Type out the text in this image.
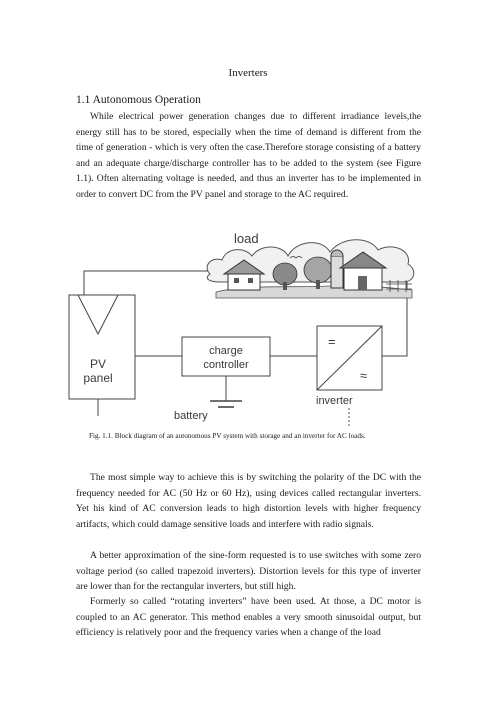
Inverters
1.1 Autonomous Operation

While electrical power generation changes due to different irradiance levels,the energy still has to be stored, especially when the time of demand is different from the time of generation - which is very often the case.Therefore storage consisting of a battery and an adequate charge/discharge controller has to be added to the system (see Figure 1.1). Often alternating voltage is needed, and thus an inverter has to be implemented in order to convert DC from the PV panel and storage to the AC required.

PV
panel
charge
controller
battery
=
≈
inverter
load
Fig. 1.1. Block diagram of an autonomous PV system with storage and an inverter for AC loads.

The most simple way to achieve this is by switching the polarity of the DC with the frequency needed for AC (50 Hz or 60 Hz), using devices called rectangular inverters. Yet his kind of AC conversion leads to high distortion levels with higher frequency artifacts, which could damage sensitive loads and interfere with radio signals.

A better approximation of the sine-form requested is to use switches with some zero voltage period (so called trapezoid inverters). Distortion levels for this type of inverter are lower than for the rectangular inverters, but still high.

Formerly so called “rotating inverters” have been used. At those, a DC motor is coupled to an AC generator. This method enables a very smooth sinusoidal output, but efficiency is relatively poor and the frequency varies when a change of the load
